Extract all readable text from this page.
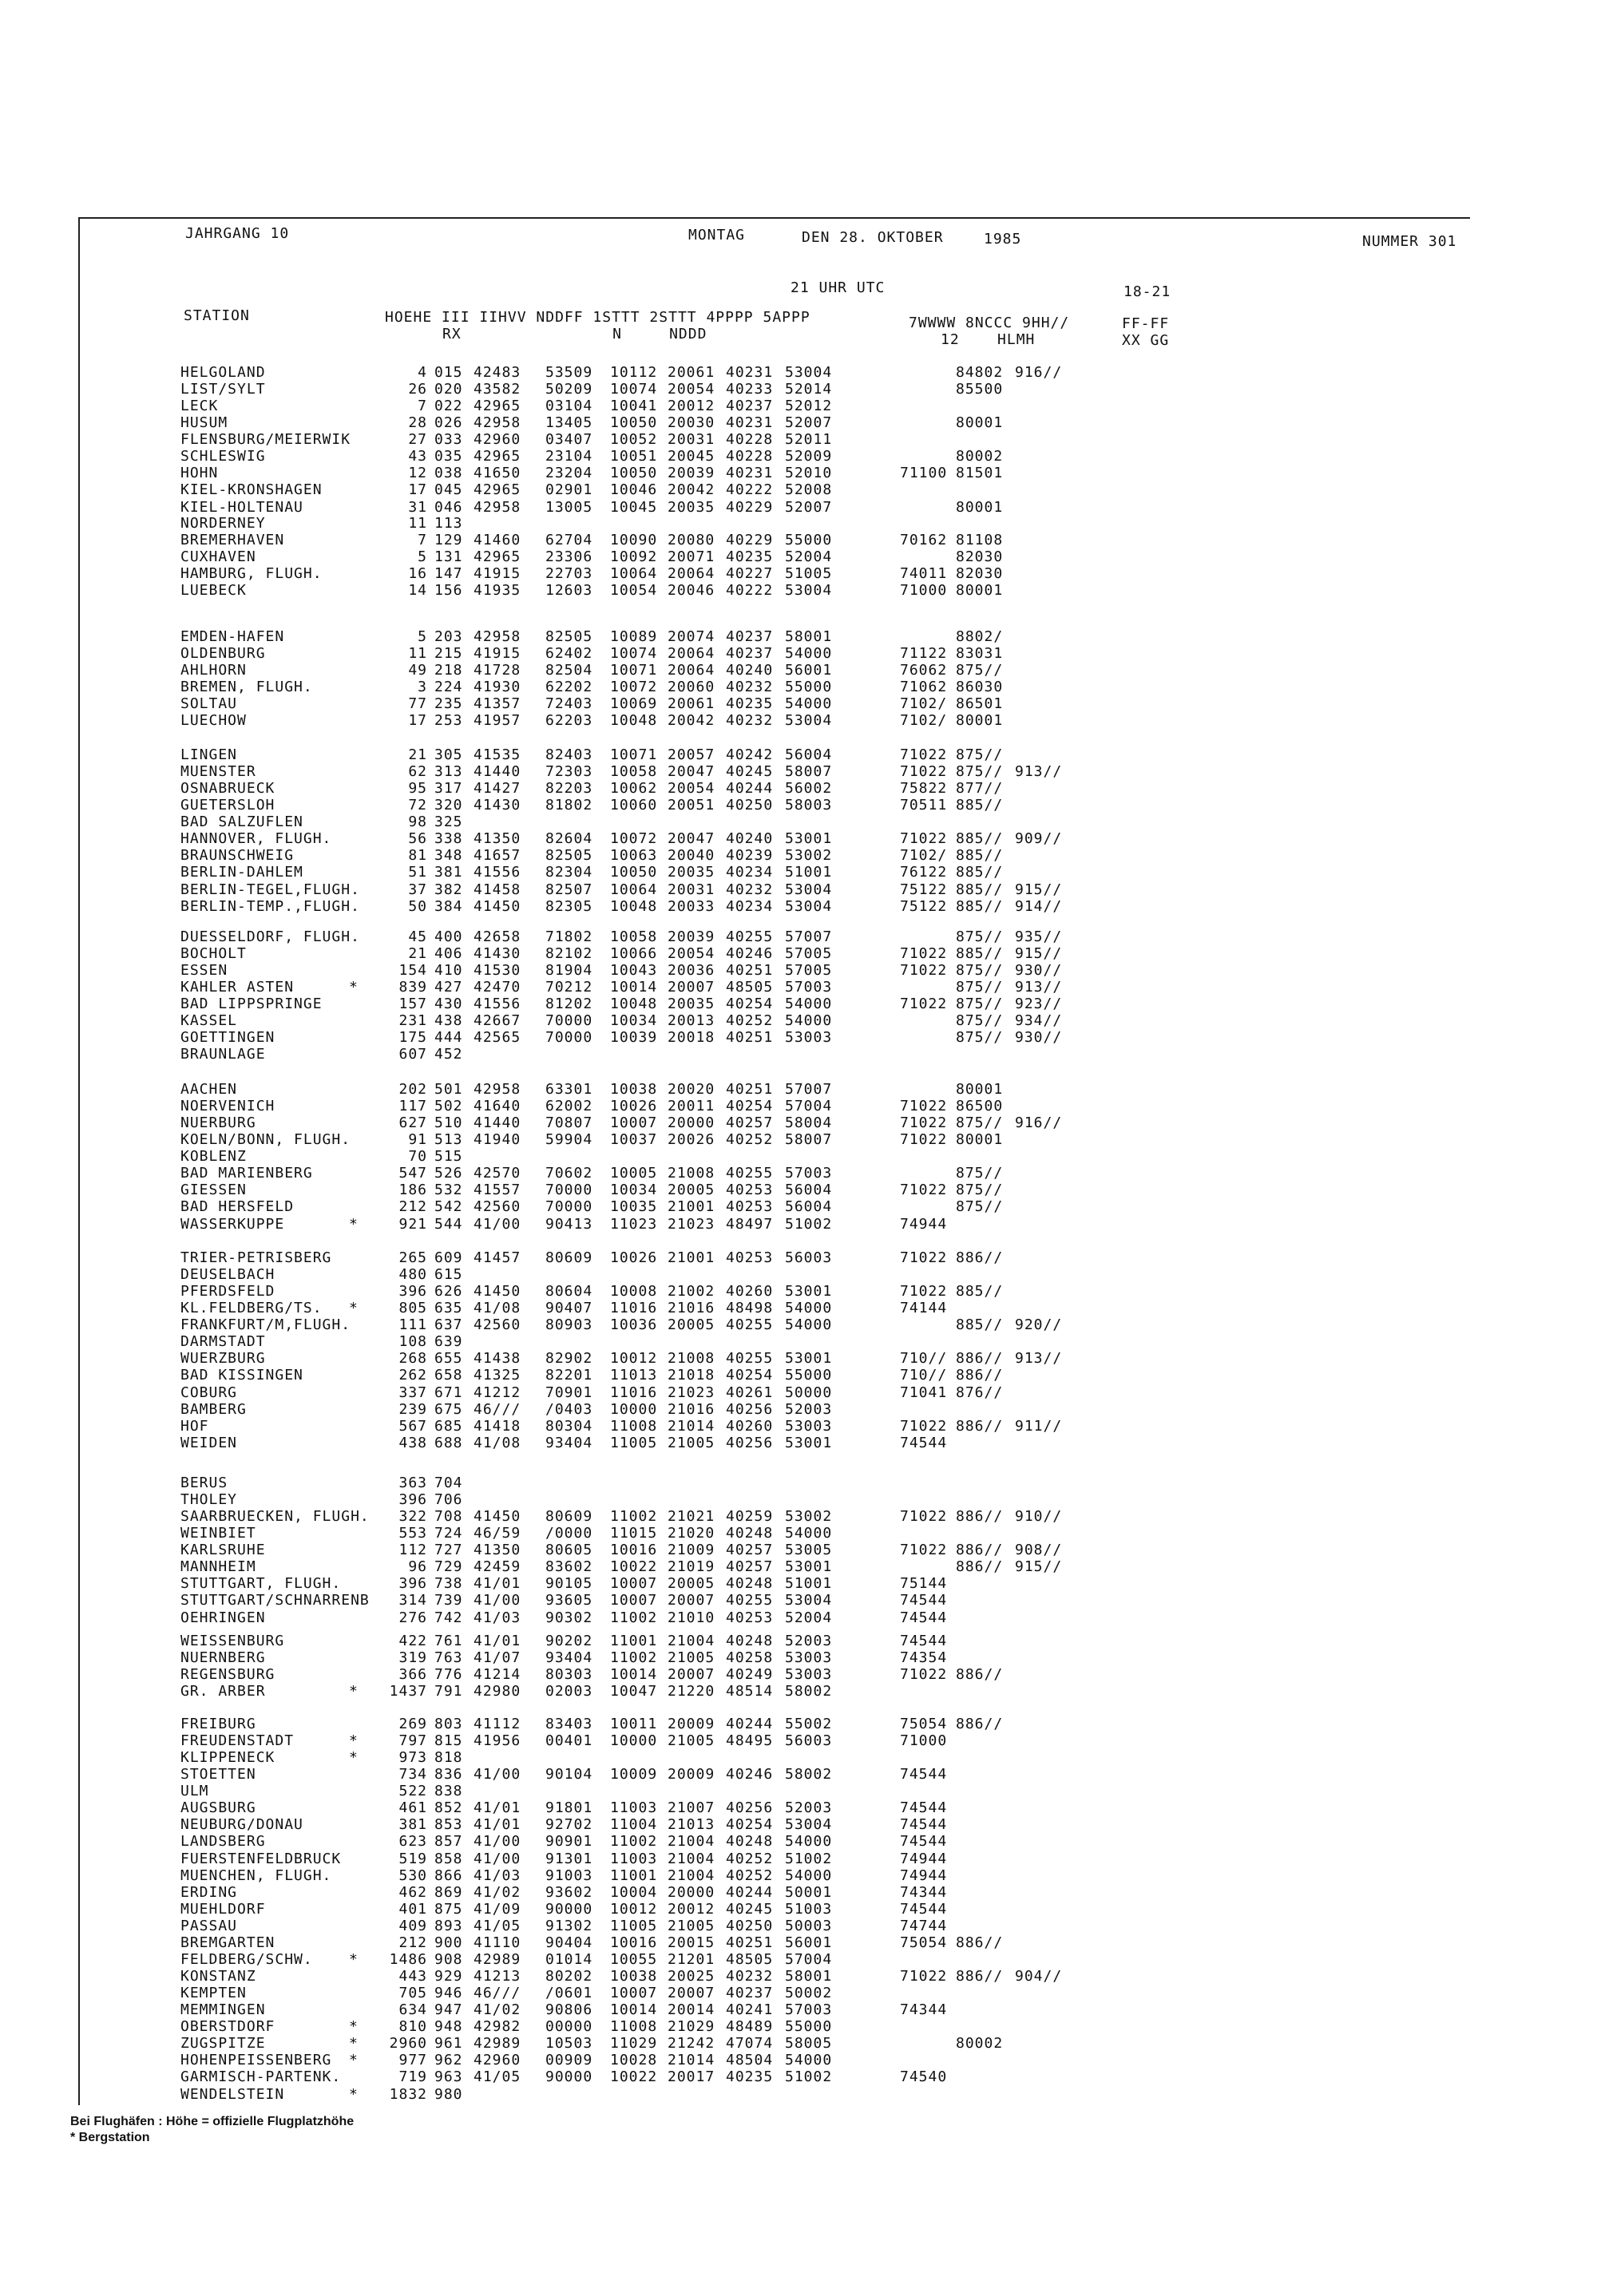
JAHRGANG 10	MONTAG	DEN 28. OKTOBER	1985	NUMMER 301
21 UHR UTC	18-21
STATION	HOEHE III IIHVV NDDFF 1STTT 2STTT 4PPPP 5APPP
RX                N     NDDD
7WWWW 8NCCC 9HH//
12    HLMH
FF-FF
XX GG
HELGOLAND	4 015 42483 53509 10112 20061 40231 53004	84802 916//
LIST/SYLT	26 020 43582 50209 10074 20054 40233 52014	85500
LECK	7 022 42965 03104 10041 20012 40237 52012
HUSUM	28 026 42958 13405 10050 20030 40231 52007	80001
FLENSBURG/MEIERWIK	27 033 42960 03407 10052 20031 40228 52011
SCHLESWIG	43 035 42965 23104 10051 20045 40228 52009	80002
HOHN	12 038 41650 23204 10050 20039 40231 52010	71100 81501
KIEL-KRONSHAGEN	17 045 42965 02901 10046 20042 40222 52008
KIEL-HOLTENAU	31 046 42958 13005 10045 20035 40229 52007	80001
NORDERNEY	11 113
BREMERHAVEN	7 129 41460 62704 10090 20080 40229 55000	70162 81108
CUXHAVEN	5 131 42965 23306 10092 20071 40235 52004	82030
HAMBURG, FLUGH.	16 147 41915 22703 10064 20064 40227 51005	74011 82030
LUEBECK	14 156 41935 12603 10054 20046 40222 53004	71000 80001
EMDEN-HAFEN	5 203 42958 82505 10089 20074 40237 58001	8802/
OLDENBURG	11 215 41915 62402 10074 20064 40237 54000	71122 83031
AHLHORN	49 218 41728 82504 10071 20064 40240 56001	76062 875//
BREMEN, FLUGH.	3 224 41930 62202 10072 20060 40232 55000	71062 86030
SOLTAU	77 235 41357 72403 10069 20061 40235 54000	7102/ 86501
LUECHOW	17 253 41957 62203 10048 20042 40232 53004	7102/ 80001
LINGEN	21 305 41535 82403 10071 20057 40242 56004	71022 875//
MUENSTER	62 313 41440 72303 10058 20047 40245 58007	71022 875// 913//
OSNABRUECK	95 317 41427 82203 10062 20054 40244 56002	75822 877//
GUETERSLOH	72 320 41430 81802 10060 20051 40250 58003	70511 885//
BAD SALZUFLEN	98 325
HANNOVER, FLUGH.	56 338 41350 82604 10072 20047 40240 53001	71022 885// 909//
BRAUNSCHWEIG	81 348 41657 82505 10063 20040 40239 53002	7102/ 885//
BERLIN-DAHLEM	51 381 41556 82304 10050 20035 40234 51001	76122 885//
BERLIN-TEGEL,FLUGH.	37 382 41458 82507 10064 20031 40232 53004	75122 885// 915//
BERLIN-TEMP.,FLUGH.	50 384 41450 82305 10048 20033 40234 53004	75122 885// 914//
DUESSELDORF, FLUGH.	45 400 42658 71802 10058 20039 40255 57007	875// 935//
BOCHOLT	21 406 41430 82102 10066 20054 40246 57005	71022 885// 915//
ESSEN	154 410 41530 81904 10043 20036 40251 57005	71022 875// 930//
KAHLER ASTEN	*	839 427 42470 70212 10014 20007 48505 57003	875// 913//
BAD LIPPSPRINGE	157 430 41556 81202 10048 20035 40254 54000	71022 875// 923//
KASSEL	231 438 42667 70000 10034 20013 40252 54000	875// 934//
GOETTINGEN	175 444 42565 70000 10039 20018 40251 53003	875// 930//
BRAUNLAGE	607 452
AACHEN	202 501 42958 63301 10038 20020 40251 57007	80001
NOERVENICH	117 502 41640 62002 10026 20011 40254 57004	71022 86500
NUERBURG	627 510 41440 70807 10007 20000 40257 58004	71022 875// 916//
KOELN/BONN, FLUGH.	91 513 41940 59904 10037 20026 40252 58007	71022 80001
KOBLENZ	70 515
BAD MARIENBERG	547 526 42570 70602 10005 21008 40255 57003	875//
GIESSEN	186 532 41557 70000 10034 20005 40253 56004	71022 875//
BAD HERSFELD	212 542 42560 70000 10035 21001 40253 56004	875//
WASSERKUPPE	*	921 544 41/00 90413 11023 21023 48497 51002	74944
TRIER-PETRISBERG	265 609 41457 80609 10026 21001 40253 56003	71022 886//
DEUSELBACH	480 615
PFERDSFELD	396 626 41450 80604 10008 21002 40260 53001	71022 885//
KL.FELDBERG/TS. *	805 635 41/08 90407 11016 21016 48498 54000	74144
FRANKFURT/M,FLUGH.	111 637 42560 80903 10036 20005 40255 54000	885// 920//
DARMSTADT	108 639
WUERZBURG	268 655 41438 82902 10012 21008 40255 53001	710// 886// 913//
BAD KISSINGEN	262 658 41325 82201 11013 21018 40254 55000	710// 886//
COBURG	337 671 41212 70901 11016 21023 40261 50000	71041 876//
BAMBERG	239 675 46/// /0403 10000 21016 40256 52003
HOF	567 685 41418 80304 11008 21014 40260 53003	71022 886// 911//
WEIDEN	438 688 41/08 93404 11005 21005 40256 53001	74544
BERUS	363 704
THOLEY	396 706
SAARBRUECKEN, FLUGH.	322 708 41450 80609 11002 21021 40259 53002	71022 886// 910//
WEINBIET	553 724 46/59 /0000 11015 21020 40248 54000
KARLSRUHE	112 727 41350 80605 10016 21009 40257 53005	71022 886// 908//
MANNHEIM	96 729 42459 83602 10022 21019 40257 53001	886// 915//
STUTTGART, FLUGH.	396 738 41/01 90105 10007 20005 40248 51001	75144
STUTTGART/SCHNARRENB	314 739 41/00 93605 10007 20007 40255 53004	74544
OEHRINGEN	276 742 41/03 90302 11002 21010 40253 52004	74544
WEISSENBURG	422 761 41/01 90202 11001 21004 40248 52003	74544
NUERNBERG	319 763 41/07 93404 11002 21005 40258 53003	74354
REGENSBURG	366 776 41214 80303 10014 20007 40249 53003	71022 886//
GR. ARBER	*	1437 791 42980 02003 10047 21220 48514 58002
FREIBURG	269 803 41112 83403 10011 20009 40244 55002	75054 886//
FREUDENSTADT	*	797 815 41956 00401 10000 21005 48495 56003	71000
KLIPPENECK	*	973 818
STOETTEN	734 836 41/00 90104 10009 20009 40246 58002	74544
ULM	522 838
AUGSBURG	461 852 41/01 91801 11003 21007 40256 52003	74544
NEUBURG/DONAU	381 853 41/01 92702 11004 21013 40254 53004	74544
LANDSBERG	623 857 41/00 90901 11002 21004 40248 54000	74544
FUERSTENFELDBRUCK	519 858 41/00 91301 11003 21004 40252 51002	74944
MUENCHEN, FLUGH.	530 866 41/03 91003 11001 21004 40252 54000	74944
ERDING	462 869 41/02 93602 10004 20000 40244 50001	74344
MUEHLDORF	401 875 41/09 90000 10012 20012 40245 51003	74544
PASSAU	409 893 41/05 91302 11005 21005 40250 50003	74744
BREMGARTEN	212 900 41110 90404 10016 20015 40251 56001	75054 886//
FELDBERG/SCHW.	*	1486 908 42989 01014 10055 21201 48505 57004
KONSTANZ	443 929 41213 80202 10038 20025 40232 58001	71022 886// 904//
KEMPTEN	705 946 46/// /0601 10007 20007 40237 50002
MEMMINGEN	634 947 41/02 90806 10014 20014 40241 57003	74344
OBERSTDORF	*	810 948 42982 00000 11008 21029 48489 55000
ZUGSPITZE	*	2960 961 42989 10503 11029 21242 47074 58005	80002
HOHENPEISSENBERG *	977 962 42960 00909 10028 21014 48504 54000
GARMISCH-PARTENK.	719 963 41/05 90000 10022 20017 40235 51002	74540
WENDELSTEIN	*	1832 980
Bei Flughäfen : Höhe = offizielle Flugplatzhöhe
* Bergstation
